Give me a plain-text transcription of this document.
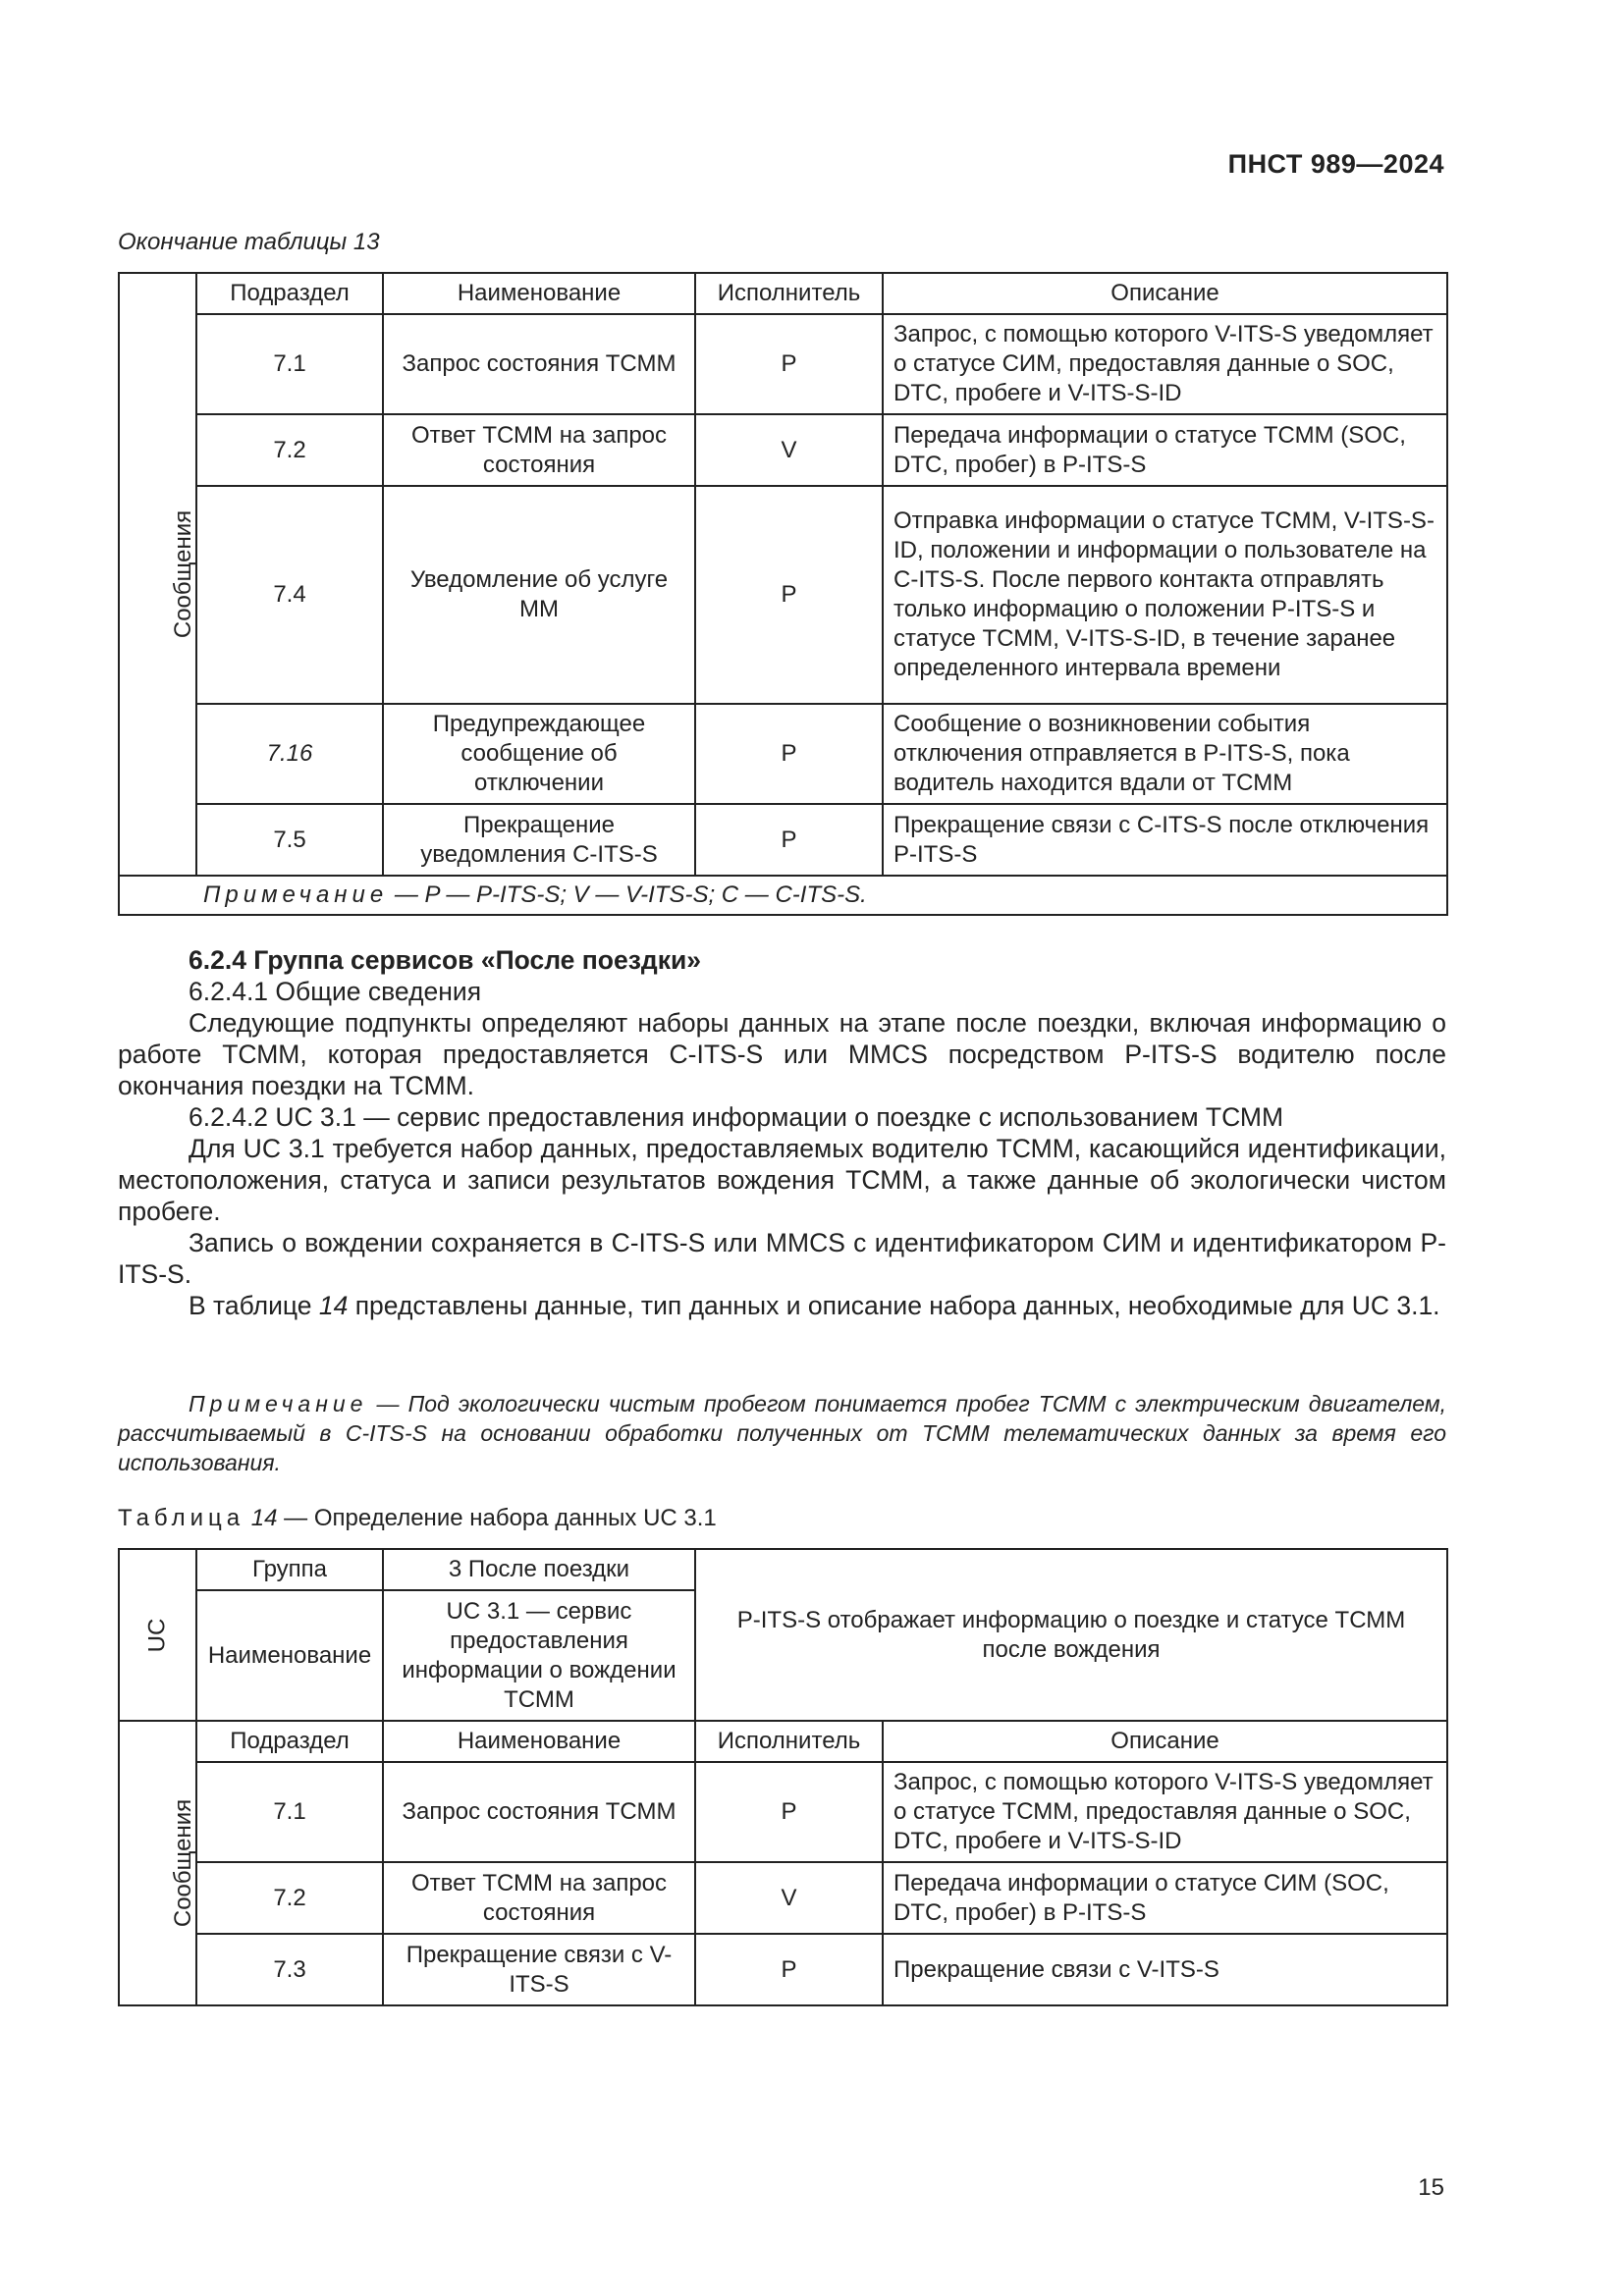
ПНСТ 989—2024
Окончание таблицы 13
Сообщения	Подраздел	Наименование	Исполнитель	Описание
	7.1	Запрос состояния ТСММ	P	Запрос, с помощью которого V-ITS-S уведомляет о статусе СИМ, предоставляя данные о SOC, DTC, пробеге и V-ITS-S-ID
	7.2	Ответ ТСММ на запрос состояния	V	Передача информации о статусе ТСММ (SOC, DTC, пробег) в P-ITS-S
	7.4	Уведомление об услуге ММ	P	Отправка информации о статусе ТСММ, V-ITS-S-ID, положении и информации о пользователе на C-ITS-S. После первого контакта отправлять только информацию о положении P-ITS-S и статусе ТСММ, V-ITS-S-ID, в течение заранее определенного интервала времени
	7.16	Предупреждающее сообщение об отключении	P	Сообщение о возникновении события отключения отправляется в P-ITS-S, пока водитель находится вдали от ТСММ
	7.5	Прекращение уведомления C-ITS-S	P	Прекращение связи с C-ITS-S после отключения P-ITS-S
Примечание — P — P-ITS-S; V — V-ITS-S; C — C-ITS-S.				

6.2.4 Группа сервисов «После поездки»

6.2.4.1 Общие сведения

Следующие подпункты определяют наборы данных на этапе после поездки, включая информацию о работе ТСММ, которая предоставляется C-ITS-S или MMCS посредством P-ITS-S водителю после окончания поездки на ТСММ.

6.2.4.2 UC 3.1 — сервис предоставления информации о поездке с использованием ТСММ

Для UC 3.1 требуется набор данных, предоставляемых водителю ТСММ, касающийся идентификации, местоположения, статуса и записи результатов вождения ТСММ, а также данные об экологически чистом пробеге.

Запись о вождении сохраняется в C-ITS-S или MMCS с идентификатором СИМ и идентификатором P-ITS-S.

В таблице 14 представлены данные, тип данных и описание набора данных, необходимые для UC 3.1.

Примечание — Под экологически чистым пробегом понимается пробег ТСММ с электрическим двигателем, рассчитываемый в C-ITS-S на основании обработки полученных от ТСММ телематических данных за время его использования.
Таблица 14 — Определение набора данных UC 3.1
UC	Группа	3 После поездки	P-ITS-S отображает информацию о поездке и статусе ТСММ после вождения	
	Наименование	UC 3.1 — сервис предоставления информации о вождении ТСММ		
Сообщения	Подраздел	Наименование	Исполнитель	Описание
	7.1	Запрос состояния ТСММ	P	Запрос, с помощью которого V-ITS-S уведомляет о статусе ТСММ, предоставляя данные о SOC, DTC, пробеге и V-ITS-S-ID
	7.2	Ответ ТСММ на запрос состояния	V	Передача информации о статусе СИМ (SOC, DTC, пробег) в P-ITS-S
	7.3	Прекращение связи с V-ITS-S	P	Прекращение связи с V-ITS-S
15
